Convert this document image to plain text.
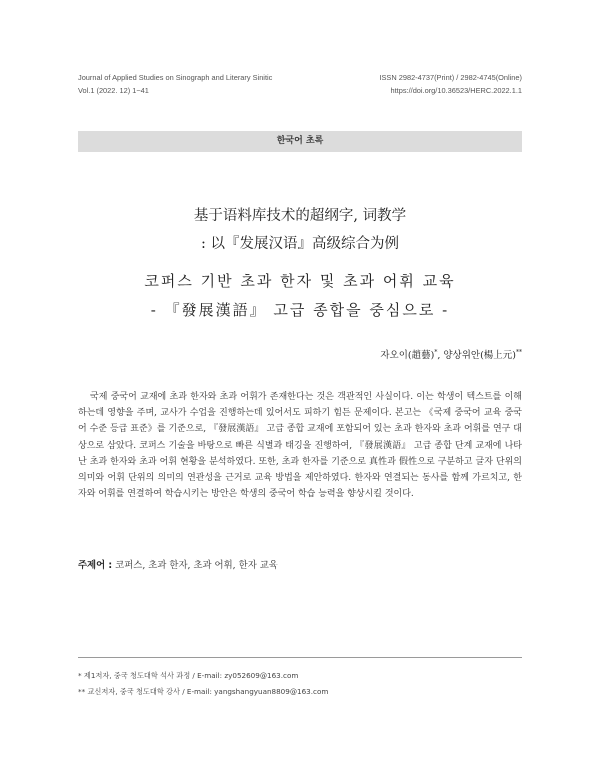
Journal of Applied Studies on Sinograph and Literary Sinitic
Vol.1 (2022. 12) 1~41
ISSN 2982-4737(Print) / 2982-4745(Online)
https://doi.org/10.36523/HERC.2022.1.1
한국어 초록
基于语料库技术的超纲字, 词教学
: 以『发展汉语』高级综合为例
코퍼스 기반 초과 한자 및 초과 어휘 교육
- 『發展漢語』 고급 종합을 중심으로 -
자오이(趙藝)*, 양상위안(楊上元)**

국제 중국어 교재에 초과 한자와 초과 어휘가 존재한다는 것은 객관적인 사실이다. 이는 학생이 텍스트를 이해하는데 영향을 주며, 교사가 수업을 진행하는데 있어서도 피하기 힘든 문제이다. 본고는 《국제 중국어 교육 중국어 수준 등급 표준》를 기준으로, 『發展漢語』 고급 종합 교재에 포함되어 있는 초과 한자와 초과 어휘를 연구 대상으로 삼았다. 코퍼스 기술을 바탕으로 빠른 식별과 태깅을 진행하여, 『發展漢語』 고급 종합 단계 교재에 나타난 초과 한자와 초과 어휘 현황을 분석하였다. 또한, 초과 한자를 기준으로 真性과 假性으로 구분하고 글자 단위의 의미와 어휘 단위의 의미의 연관성을 근거로 교육 방법을 제안하였다. 한자와 연결되는 동사를 함께 가르치고, 한자와 어휘를 연결하여 학습시키는 방안은 학생의 중국어 학습 능력을 향상시킬 것이다.

주제어 : 코퍼스, 초과 한자, 초과 어휘, 한자 교육
* 제1저자, 중국 청도대학 석사 과정 / E-mail: zy052609@163.com
** 교신저자, 중국 청도대학 강사 / E-mail: yangshangyuan8809@163.com
